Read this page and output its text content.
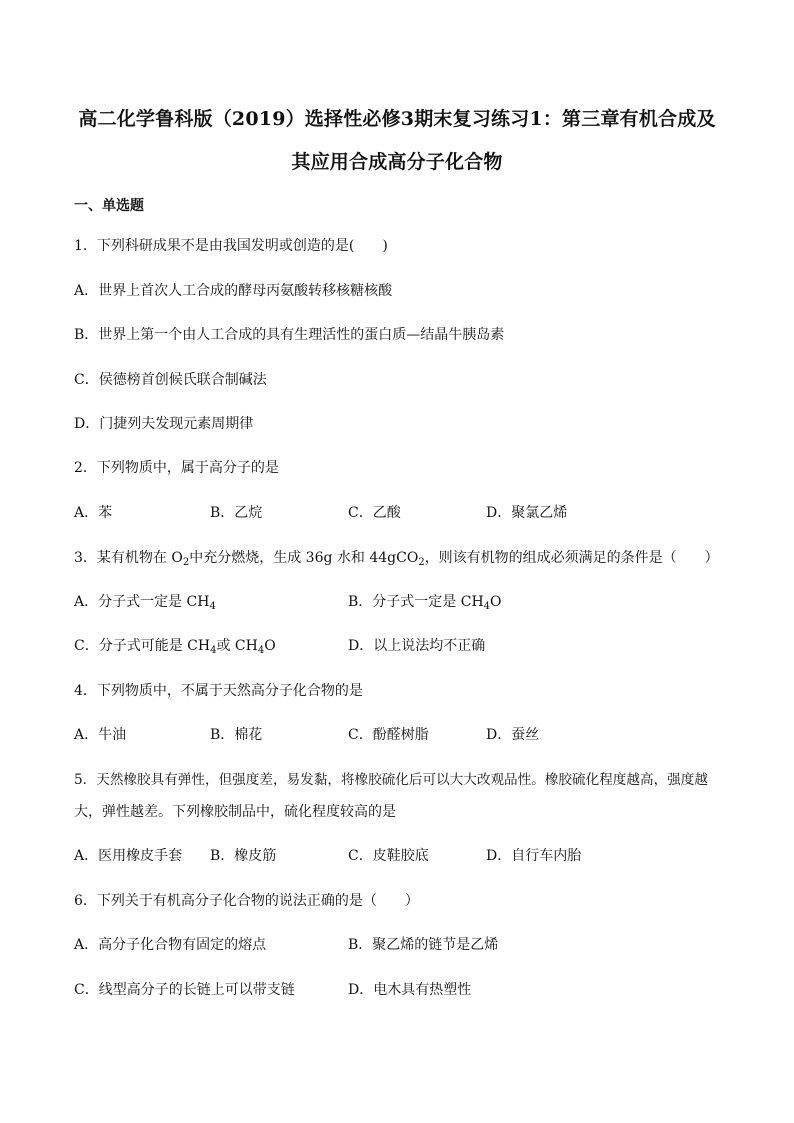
高二化学鲁科版（2019）选择性必修3期末复习练习1：第三章有机合成及
其应用合成高分子化合物
一、单选题
1．下列科研成果不是由我国发明或创造的是(　　)
A．世界上首次人工合成的酵母丙氨酸转移核糖核酸
B．世界上第一个由人工合成的具有生理活性的蛋白质—结晶牛胰岛素
C．侯德榜首创候氏联合制碱法
D．门捷列夫发现元素周期律
2．下列物质中，属于高分子的是
A．苯	B．乙烷	C．乙酸	D．聚氯乙烯
3．某有机物在 $O_2$中充分燃烧，生成 36g 水和 44gCO$_2$，则该有机物的组成必须满足的条件是（　　）
A．分子式一定是 $CH_4$	B．分子式一定是 $CH_4O$
C．分子式可能是 $CH_4$或 $CH_4O$	D．以上说法均不正确
4．下列物质中，不属于天然高分子化合物的是
A．牛油	B．棉花	C．酚醛树脂	D．蚕丝
5．天然橡胶具有弹性，但强度差，易发黏，将橡胶硫化后可以大大改观品性。橡胶硫化程度越高，强度越
大，弹性越差。下列橡胶制品中，硫化程度较高的是
A．医用橡皮手套 B．橡皮筋	C．皮鞋胶底	D．自行车内胎
6．下列关于有机高分子化合物的说法正确的是（　　）
A．高分子化合物有固定的熔点	B．聚乙烯的链节是乙烯
C．线型高分子的长链上可以带支链	D．电木具有热塑性
